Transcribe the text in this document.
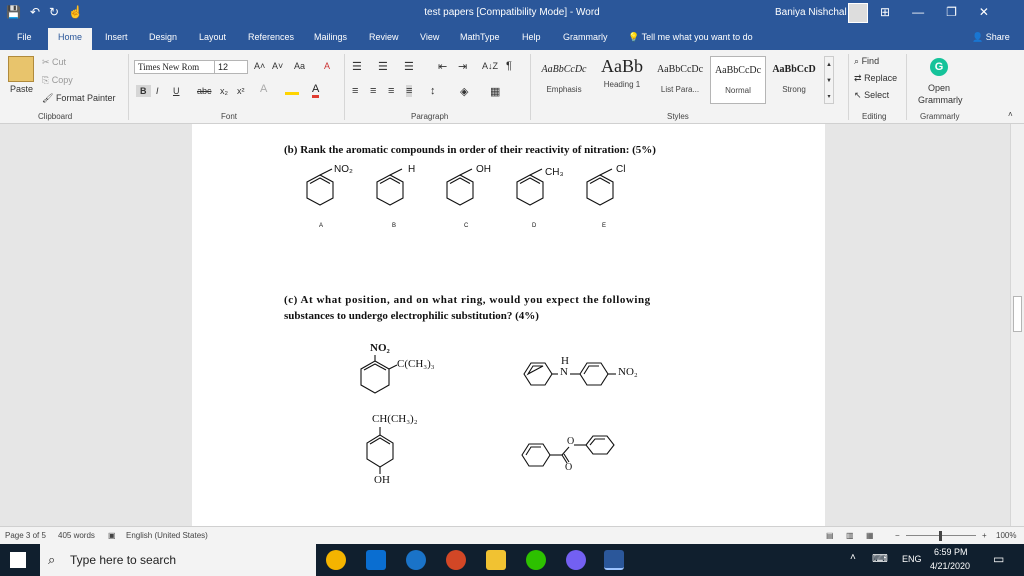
💾 ↶ ↻ ☝	test papers [Compatibility Mode] - Word	Baniya Nishchal	⊞ — ❐ ✕
File	Home	Insert Design Layout References Mailings Review View MathType Help Grammarly 💡 Tell me what you want to do	👤 Share
Paste
✂ Cut
⎘ Copy
🖌 Format Painter
Clipboard
Times New Rom	12	A˄ A˅ Aa A
B	I U abc x₂ x² A	A
Font
☰ ☰ ☰ ⇤ ⇥ A↓Z ¶
≡ ≡ ≡ ≡ ↕ ◈ ▦
Paragraph
AaBbCcDc
Emphasis
AaBb
Heading 1
AaBbCcDc
List Para...
AaBbCcDc
Normal
AaBbCcD
Strong
▲
▼
▾
Styles
⌕ Find
⇄ Replace
↖ Select
Editing
G
Open
Grammarly
Grammarly	˄
(b) Rank the aromatic compounds in order of their reactivity of nitration: (5%)
NO₂	H	OH	CH₃	Cl
A	B	C	D	E
(c) At what position, and on what ring, would you expect the following
substances to undergo electrophilic substitution? (4%)
NO₂
C(CH₃)₃	H
N	NO₂
CH(CH₃)₂
OH
O
O
Page 3 of 5 405 words ▣ English (United States)	▤ ▥ ▦	−	+ 100%
Type here to search
⌕	˄ ⌨ ENG
6:59 PM
4/21/2020 ▭
